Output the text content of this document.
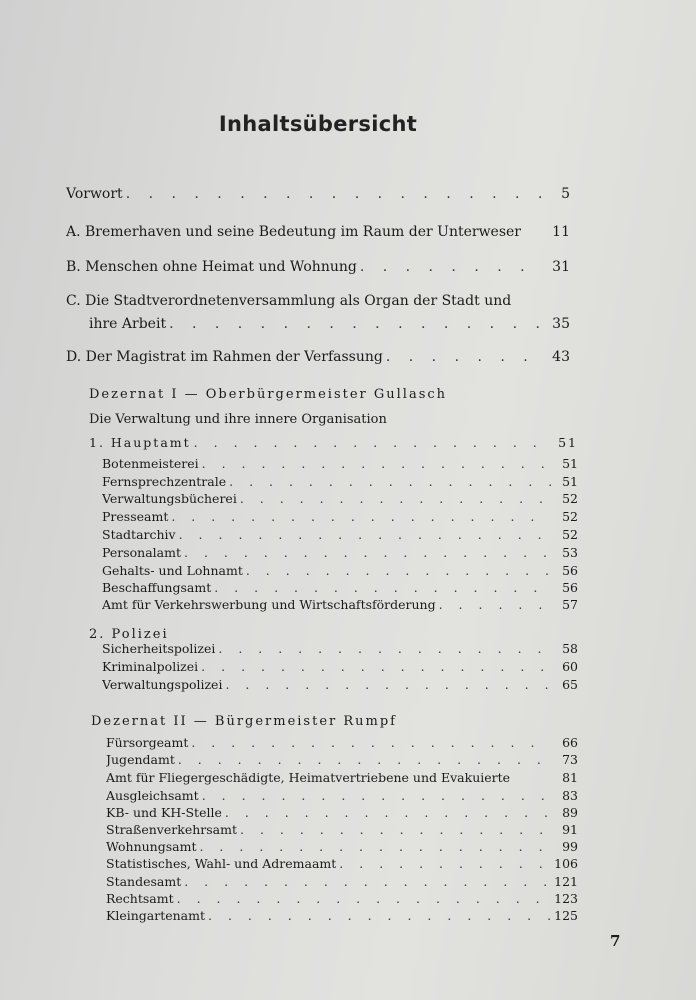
Inhaltsübersicht
Vorwort . . .	5
A. Bremerhaven und seine Bedeutung im Raum der Unterweser	11
B. Menschen ohne Heimat und Wohnung . . .	31
C. Die Stadtverordnetenversammlung als Organ der Stadt und
ihre Arbeit . . .	35
D. Der Magistrat im Rahmen der Verfassung . . .	43
Dezernat I — Oberbürgermeister Gullasch
Die Verwaltung und ihre innere Organisation
1. Hauptamt . . .	51
Botenmeisterei . . .	51
Fernsprechzentrale . . .	51
Verwaltungsbücherei . . .	52
Presseamt . . .	52
Stadtarchiv . . .	52
Personalamt . . .	53
Gehalts- und Lohnamt . . .	56
Beschaffungsamt . . .	56
Amt für Verkehrswerbung und Wirtschaftsförderung . . .	57
2. Polizei
Sicherheitspolizei . . .	58
Kriminalpolizei . . .	60
Verwaltungspolizei . . .	65
Dezernat II — Bürgermeister Rumpf
Fürsorgeamt . . .	66
Jugendamt . . .	73
Amt für Fliegergeschädigte, Heimatvertriebene und Evakuierte	81
Ausgleichsamt . . .	83
KB- und KH-Stelle . . .	89
Straßenverkehrsamt . . .	91
Wohnungsamt . . .	99
Statistisches, Wahl- und Adremaamt . . .	106
Standesamt . . .	121
Rechtsamt . . .	123
Kleingartenamt . . .	125
7
